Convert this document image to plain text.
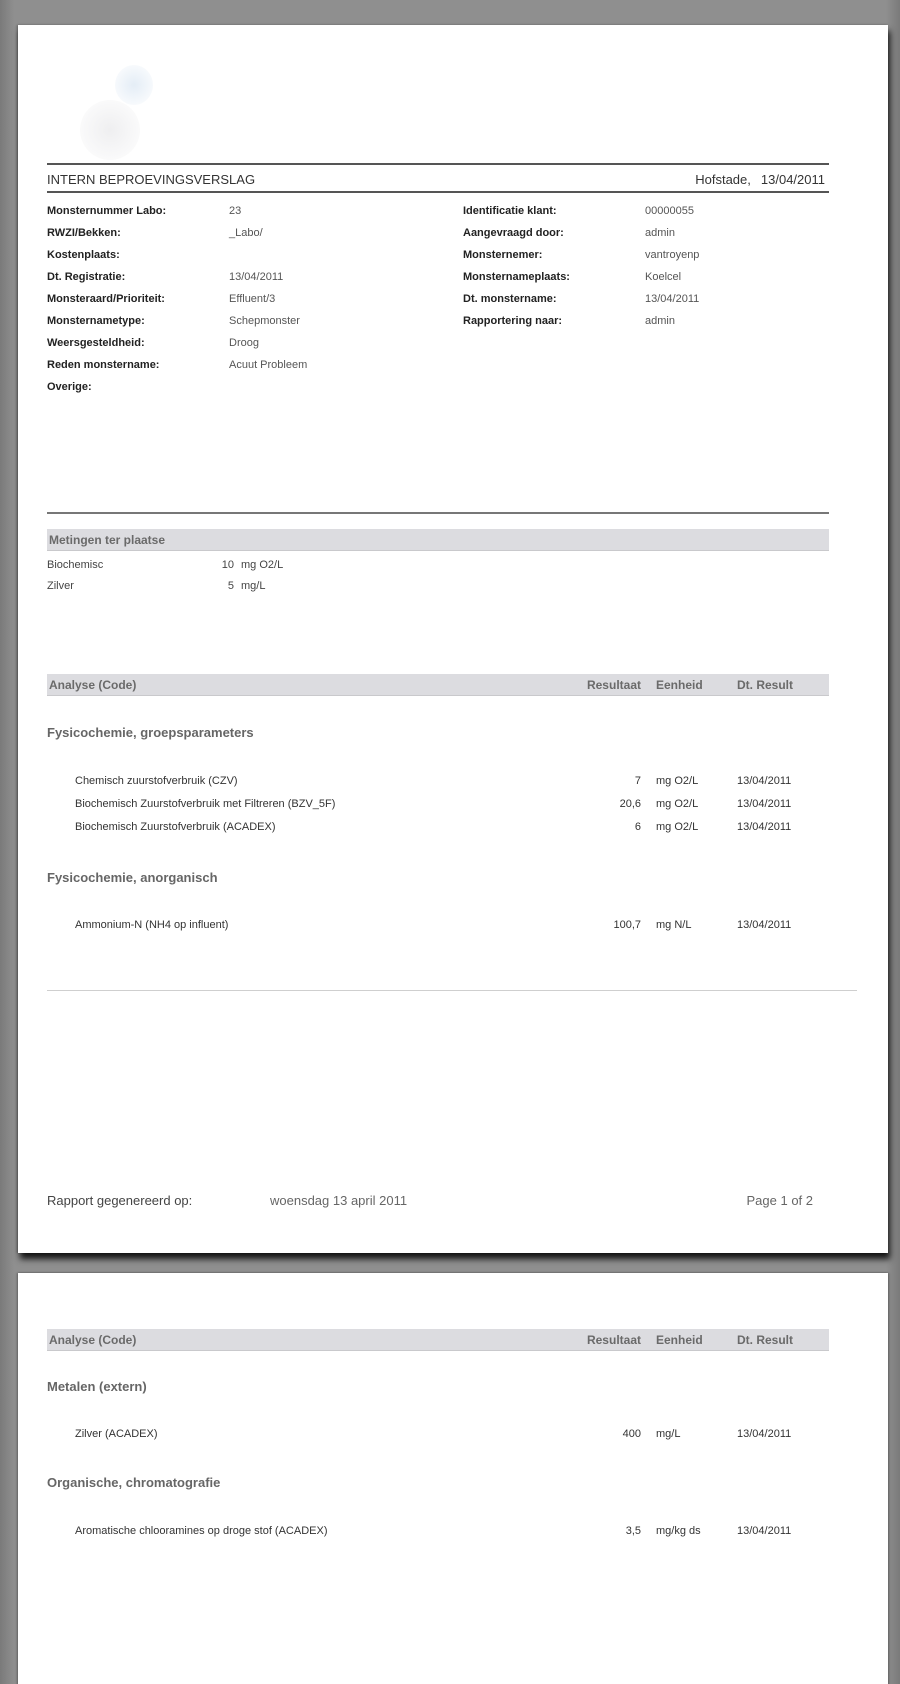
INTERN BEPROEVINGSVERSLAG	Hofstade, 13/04/2011
Monsternummer Labo:	23
RWZI/Bekken:	_Labo/
Kostenplaats:
Dt. Registratie:	13/04/2011
Monsteraard/Prioriteit:	Effluent/3
Monsternametype:	Schepmonster
Weersgesteldheid:	Droog
Reden monstername:	Acuut Probleem
Overige:
Identificatie klant:	00000055
Aangevraagd door:	admin
Monsternemer:	vantroyenp
Monsternameplaats:	Koelcel
Dt. monstername:	13/04/2011
Rapportering naar:	admin
Metingen ter plaatse
Biochemisc	10 mg O2/L
Zilver	5 mg/L
Analyse (Code)	Resultaat	Eenheid	Dt. Result
Fysicochemie, groepsparameters
Chemisch zuurstofverbruik (CZV)	7	mg O2/L	13/04/2011
Biochemisch Zuurstofverbruik met Filtreren (BZV_5F)	20,6	mg O2/L	13/04/2011
Biochemisch Zuurstofverbruik (ACADEX)	6	mg O2/L	13/04/2011
Fysicochemie, anorganisch
Ammonium-N (NH4 op influent)	100,7	mg N/L	13/04/2011
Rapport gegenereerd op:	woensdag 13 april 2011	Page 1 of 2
Analyse (Code)	Resultaat	Eenheid	Dt. Result
Metalen (extern)
Zilver (ACADEX)	400	mg/L	13/04/2011
Organische, chromatografie
Aromatische chlooramines op droge stof (ACADEX)	3,5	mg/kg ds	13/04/2011
